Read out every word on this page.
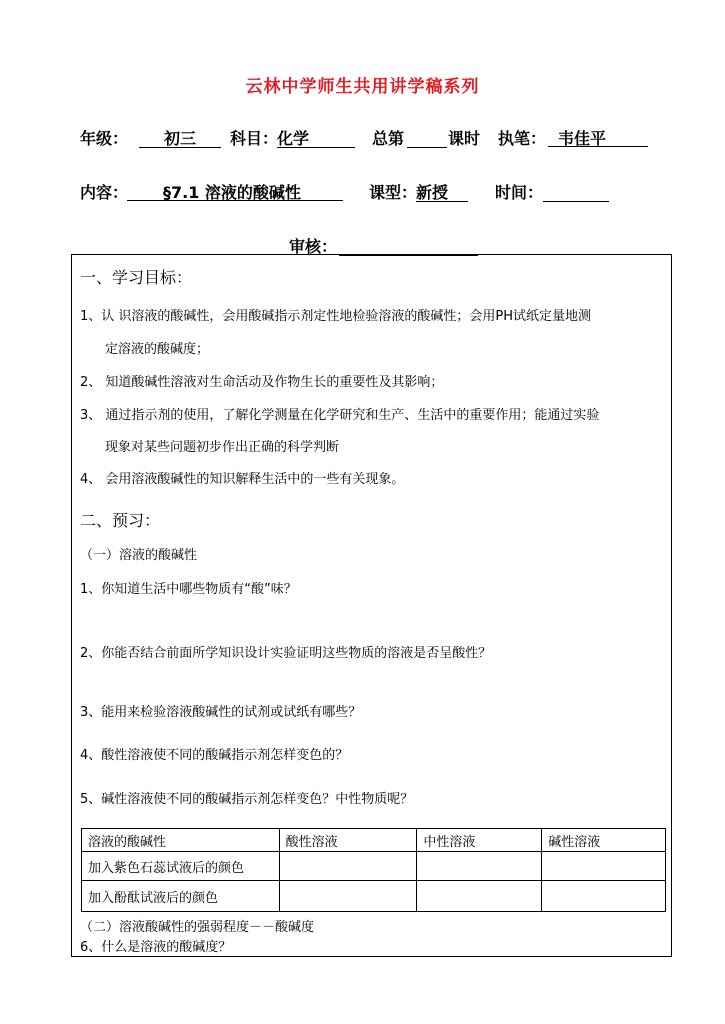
云林中学师生共用讲学稿系列
年级：	初三	科目：
化学	总第	课时 执笔： 韦佳平
内容：	§7.1 溶液的酸碱性	课型：
新授	时间：
审核：
一、学习目标：
1、认 识溶液的酸碱性，会用酸碱指示剂定性地检验溶液的酸碱性；会用PH试纸定量地测
定溶液的酸碱度；
2、 知道酸碱性溶液对生命活动及作物生长的重要性及其影响；
3、 通过指示剂的使用，了解化学测量在化学研究和生产、生活中的重要作用；能通过实验
现象对某些问题初步作出正确的科学判断
4、 会用溶液酸碱性的知识解释生活中的一些有关现象。
二、预习：
（一）溶液的酸碱性
1、你知道生活中哪些物质有“酸”味？
2、你能否结合前面所学知识设计实验证明这些物质的溶液是否呈酸性？
3、能用来检验溶液酸碱性的试剂或试纸有哪些？
4、酸性溶液使不同的酸碱指示剂怎样变色的？
5、碱性溶液使不同的酸碱指示剂怎样变色？中性物质呢？
溶液的酸碱性	酸性溶液	中性溶液	碱性溶液
加入紫色石蕊试液后的颜色			
加入酚酞试液后的颜色			
（二）溶液酸碱性的强弱程度－－酸碱度
6、什么是溶液的酸碱度？
